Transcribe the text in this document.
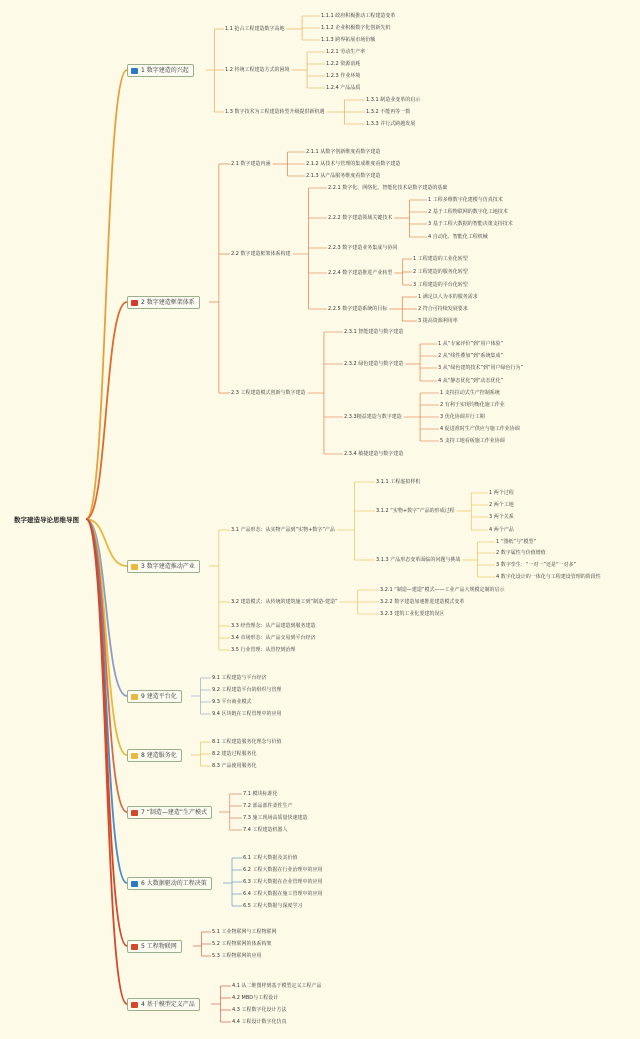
数字建造导论思维导图
1 数字建造的兴起
1.1 抢占工程建造数字高地
1.1.1 政府积极推动工程建造变革
1.1.2 企业积极数字化创新先机
1.1.3 跨界拓展市场份额
1.2 传统工程建造方式的困境
1.2.1 劳动生产率
1.2.2 资源消耗
1.2.3 作业环境
1.2.4 产品品质
1.3 数字技术为工程建造转型升级提供新机遇
1.3.1 制造业变革的启示
1.3.2 不能再等一数
1.3.3 并行式跨越发展
2 数字建造框架体系
2.1 数字建造内涵
2.1.1 从数字创新维度看数字建造
2.1.2 从技术与管理的集成维度看数字建造
2.1.3 从产品服务维度看数字建造
2.2 数字建造框架体系构建
2.2.1 数字化、网络化、智能化技术是数字建造的基础
2.2.2 数字建造领域关键技术
1 工程多维数字化建模与仿真技术
2 基于工程物联网的数字化工地技术
3 基于工程大数据的智能决策支持技术
4 自动化、智能化工程机械
2.2.3 数字建造业务集成与协同
2.2.4 数字建造推进产业转型
1 工程建造的工业化转型
2 工程建造的服务化转型
3 工程建造的平台化转型
2.2.5 数字建造系统的目标
1 满足以人为本的服务需求
2 符合可持续发展要求
3 提高资源利用率
2.3 工程建造模式创新与数字建造
2.3.1 智能建造与数字建造
2.3.2 绿色建造与数字建造
1 从“专家评价”到“用户体验”
2 从“线性叠加”到“系统集成”
3 从“绿色建筑技术”到“用户绿色行为”
4 从“静态优化”到“动态优化”
2.3.3精益建造与数字建造
1 支持拉动式生产控制系统
2 有利于实现均衡化施工作业
3 优化协调并行工期
4 促进准时生产供应与施工作业协调
5 支持工地看板施工作业协调
2.3.4 敏捷建造与数字建造
3 数字建造推动产业
3.1 产品形态：从实物产品到“实物+数字”产品
3.1.1 工程虚拟样机
3.1.2 “实物+数字”产品的形成过程
1 两个过程
2 两个工地
3 两个关系
4 两个产品
3.1.3 产品形态变革面临的问题与挑战
1 “图纸”与“模型”
2 数字属性与价值增值
3 数字孪生：“一对一”还是“一对多”
4 数字化设计的一体化与工程建设管理的阶段性
3.2 建造模式：从传统的建筑施工到“制造-建造”
3.2.1 “制造—建造”模式——工业产品大规模定制的启示
3.2.2 数字建造加速推进建造模式变革
3.2.3 建筑工业化要建筑误区
3.3 经营理念：从产品建造到服务建造
3.4 市场形态：从产品交易到平台经济
3.5 行业管理：从管控到治理
9 建造平台化
9.1 工程建造与平台经济
9.2 工程建造平台的组织与管理
9.3 平台商业模式
9.4 区块链在工程管理中的应用
8 建造服务化
8.1 工程建造服务化理念与价值
8.2 建造过程服务化
8.3 产品使用服务化
7 “制造—建造”生产模式
7.1 模块标准化
7.2 部品部件柔性生产
7.3 施工现场高质量快速建造
7.4 工程建造机器人
6 大数据驱动的工程决策
6.1 工程大数据及其价值
6.2 工程大数据在行业治理中的应用
6.3 工程大数据在企业管理中的应用
6.4 工程大数据在施工管理中的应用
6.5 工程大数据与深度学习
5 工程物联网
5.1 工业物联网与工程物联网
5.2 工程物联网的体系构架
5.3 工程物联网的应用
4 基于模型定义产品
4.1 从二维图样到基于模型定义工程产品
4.2 MBD与工程设计
4.3 工程数字化设计方法
4.4 工程设计数字化仿真
